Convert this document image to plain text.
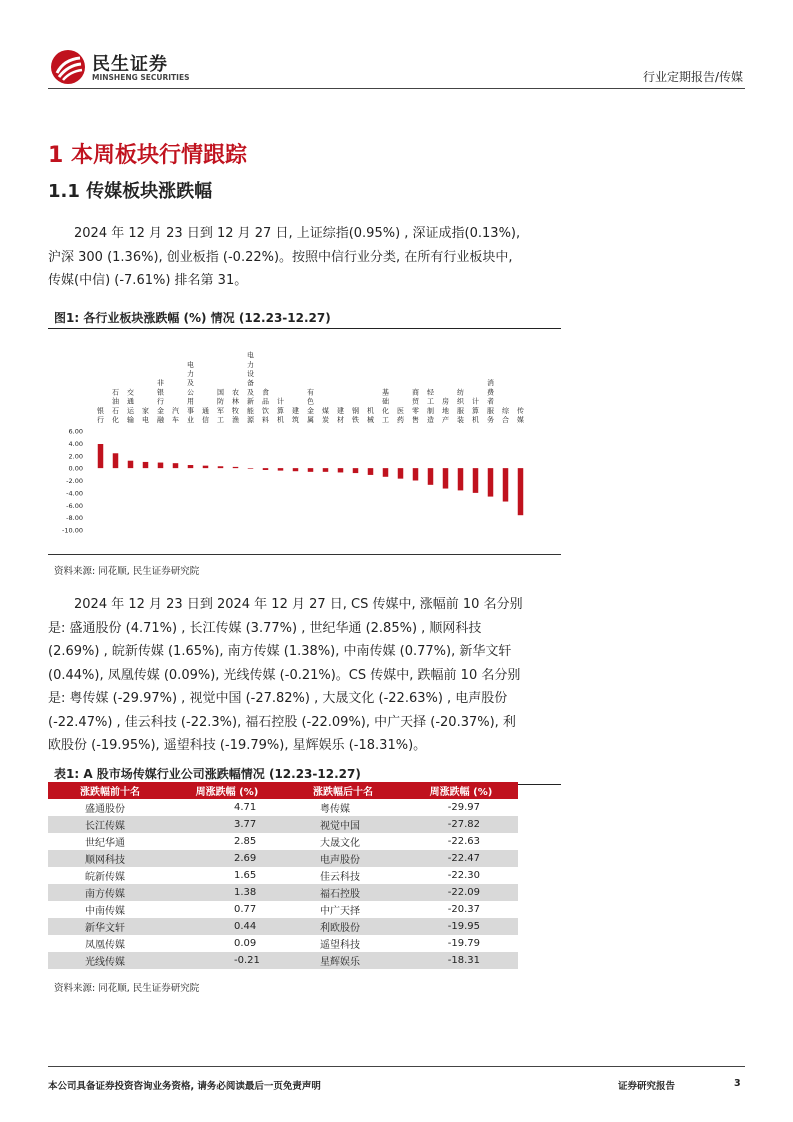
民生证券
MINSHENG SECURITIES	行业定期报告/传媒
1 本周板块行情跟踪
1.1 传媒板块涨跌幅

2024 年 12 月 23 日到 12 月 27 日, 上证综指(0.95%) , 深证成指(0.13%), 沪深 300 (1.36%), 创业板指 (-0.22%)。按照中信行业分类, 在所有行业板块中, 传媒(中信) (-7.61%) 排名第 31。

图1: 各行业板块涨跌幅 (%) 情况 (12.23-12.27)
6.00
4.00
2.00
0.00
-2.00
-4.00
-6.00
-8.00
-10.00
银行
石油石化
交通运输
家电
非银行金融
汽车
电力及公用事业
通信
国防军工
农林牧渔
电力设备及新能源
食品饮料
计算机
建筑
有色金属
煤炭
建材
钢铁
机械
基础化工
医药
商贸零售
轻工制造
房地产
纺织服装
计算机
消费者服务
综合
传媒
资料来源: 同花顺, 民生证券研究院

2024 年 12 月 23 日到 2024 年 12 月 27 日, CS 传媒中, 涨幅前 10 名分别是: 盛通股份 (4.71%) , 长江传媒 (3.77%) , 世纪华通 (2.85%) , 顺网科技 (2.69%) , 皖新传媒 (1.65%), 南方传媒 (1.38%), 中南传媒 (0.77%), 新华文轩 (0.44%), 凤凰传媒 (0.09%), 光线传媒 (-0.21%)。CS 传媒中, 跌幅前 10 名分别是: 粤传媒 (-29.97%) , 视觉中国 (-27.82%) , 大晟文化 (-22.63%) , 电声股份 (-22.47%) , 佳云科技 (-22.3%), 福石控股 (-22.09%), 中广天择 (-20.37%), 利欧股份 (-19.95%), 遥望科技 (-19.79%), 星辉娱乐 (-18.31%)。

表1: A 股市场传媒行业公司涨跌幅情况 (12.23-12.27)
涨跌幅前十名	周涨跌幅 (%)	涨跌幅后十名	周涨跌幅 (%)
盛通股份	4.71	粤传媒	-29.97
长江传媒	3.77	视觉中国	-27.82
世纪华通	2.85	大晟文化	-22.63
顺网科技	2.69	电声股份	-22.47
皖新传媒	1.65	佳云科技	-22.30
南方传媒	1.38	福石控股	-22.09
中南传媒	0.77	中广天择	-20.37
新华文轩	0.44	利欧股份	-19.95
凤凰传媒	0.09	遥望科技	-19.79
光线传媒	-0.21	星辉娱乐	-18.31
资料来源: 同花顺, 民生证券研究院
本公司具备证券投资咨询业务资格, 请务必阅读最后一页免责声明	证券研究报告	3
